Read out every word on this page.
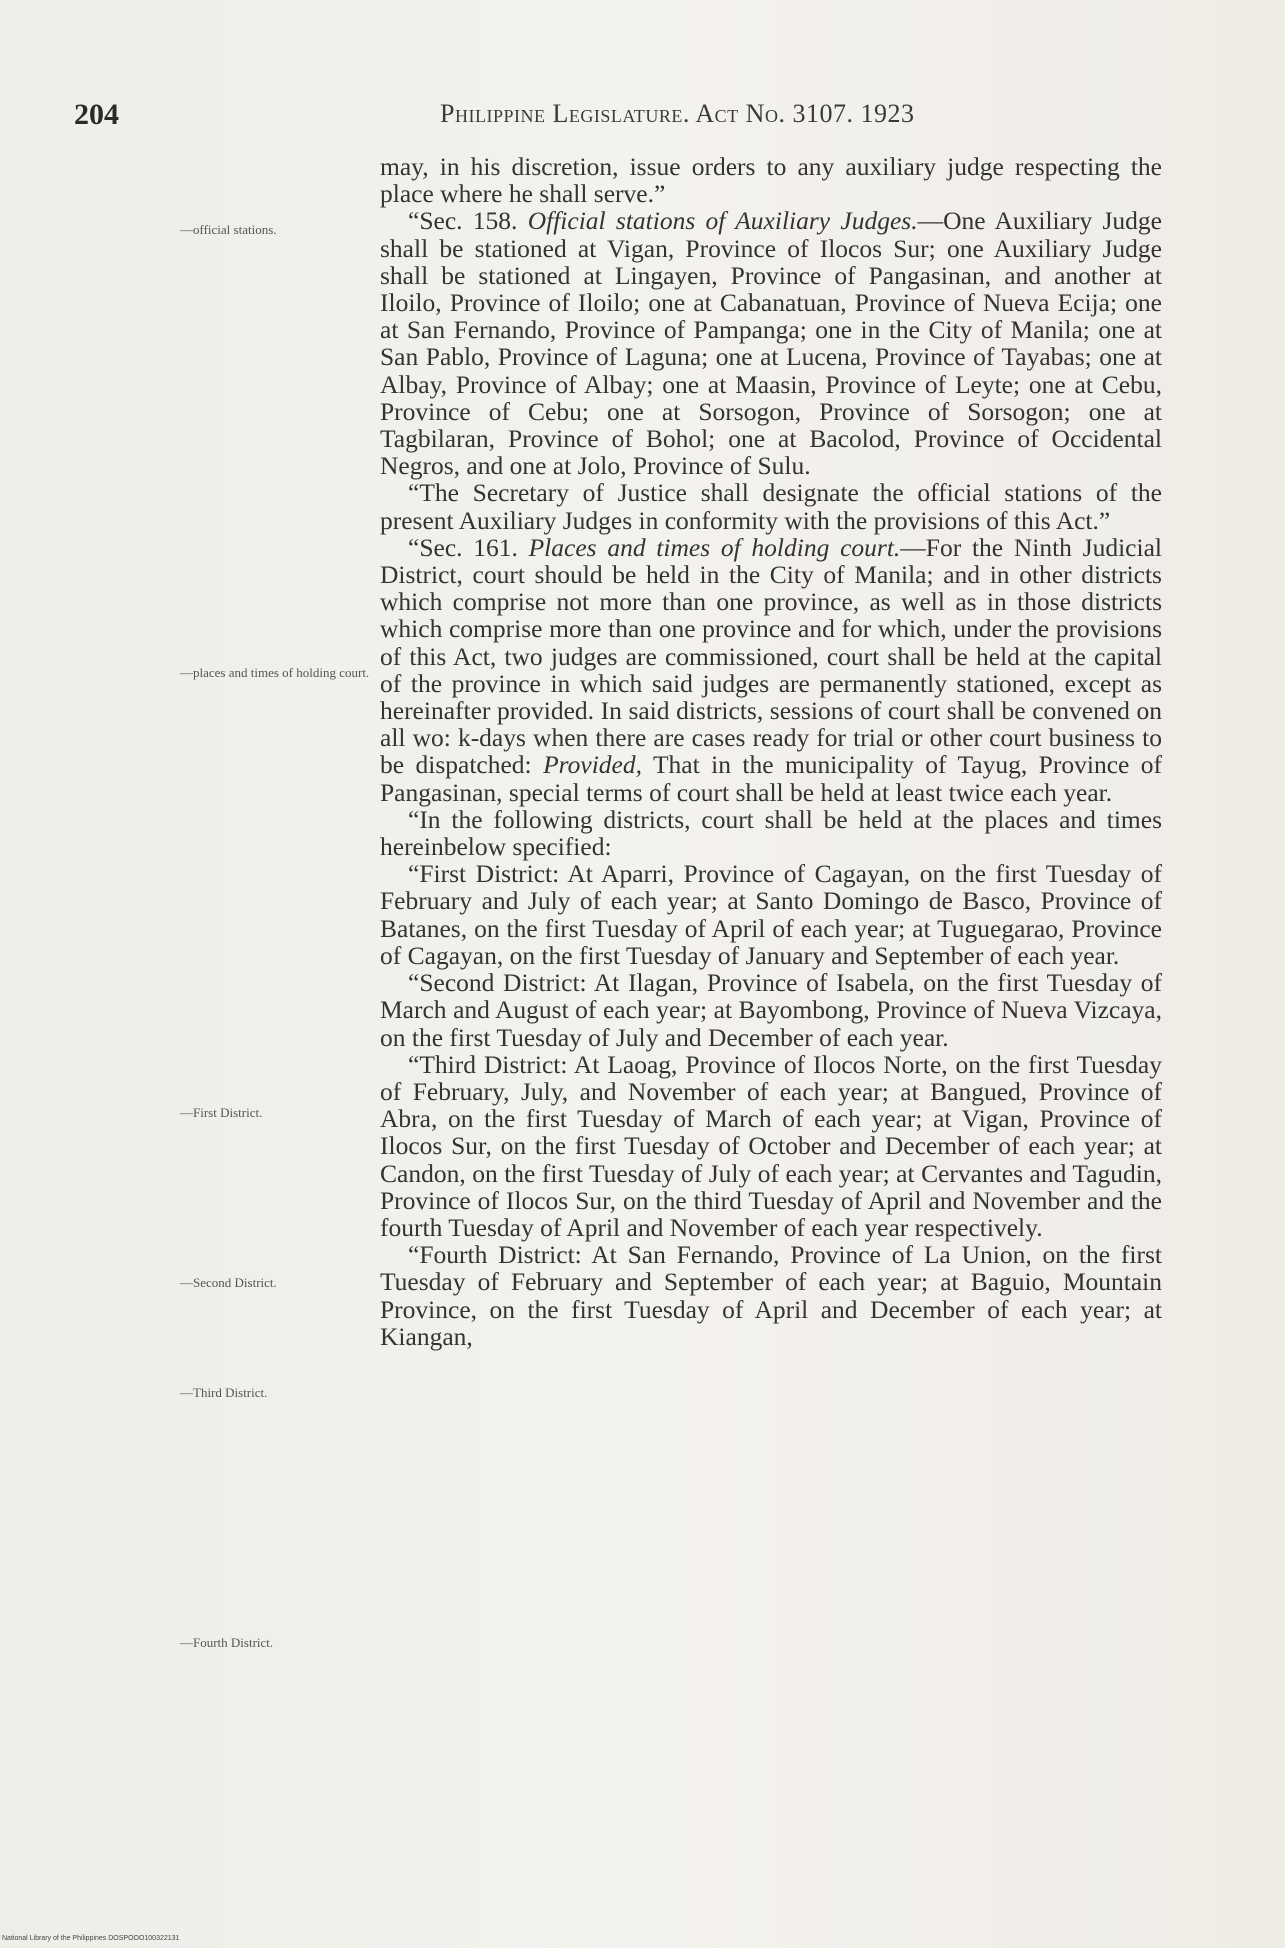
204	Philippine Legislature. Act No. 3107. 1923
—official stations.
—places and times of holding court.
—First District.
—Second District.
—Third District.
—Fourth District.

may, in his discretion, issue orders to any auxiliary judge respecting the place where he shall serve.”

“Sec. 158. Official stations of Auxiliary Judges.—One Auxiliary Judge shall be stationed at Vigan, Province of Ilocos Sur; one Auxiliary Judge shall be stationed at Lingayen, Province of Pangasinan, and another at Iloilo, Province of Iloilo; one at Cabanatuan, Province of Nueva Ecija; one at San Fernando, Province of Pampanga; one in the City of Manila; one at San Pablo, Province of Laguna; one at Lucena, Province of Tayabas; one at Albay, Province of Albay; one at Maasin, Province of Leyte; one at Cebu, Province of Cebu; one at Sorsogon, Province of Sorsogon; one at Tagbilaran, Province of Bohol; one at Bacolod, Province of Occidental Negros, and one at Jolo, Province of Sulu.

“The Secretary of Justice shall designate the official stations of the present Auxiliary Judges in conformity with the provisions of this Act.”

“Sec. 161. Places and times of holding court.—For the Ninth Judicial District, court should be held in the City of Manila; and in other districts which comprise not more than one province, as well as in those districts which comprise more than one province and for which, under the provisions of this Act, two judges are commissioned, court shall be held at the capital of the province in which said judges are permanently stationed, except as hereinafter provided. In said districts, sessions of court shall be convened on all wo: k-days when there are cases ready for trial or other court business to be dispatched: Provided, That in the municipality of Tayug, Province of Pangasinan, special terms of court shall be held at least twice each year.

“In the following districts, court shall be held at the places and times hereinbelow specified:

“First District: At Aparri, Province of Cagayan, on the first Tuesday of February and July of each year; at Santo Domingo de Basco, Province of Batanes, on the first Tuesday of April of each year; at Tuguegarao, Province of Cagayan, on the first Tuesday of January and September of each year.

“Second District: At Ilagan, Province of Isabela, on the first Tuesday of March and August of each year; at Bayombong, Province of Nueva Vizcaya, on the first Tuesday of July and December of each year.

“Third District: At Laoag, Province of Ilocos Norte, on the first Tuesday of February, July, and November of each year; at Bangued, Province of Abra, on the first Tuesday of March of each year; at Vigan, Province of Ilocos Sur, on the first Tuesday of October and December of each year; at Candon, on the first Tuesday of July of each year; at Cervantes and Tagudin, Province of Ilocos Sur, on the third Tuesday of April and November and the fourth Tuesday of April and November of each year respectively.

“Fourth District: At San Fernando, Province of La Union, on the first Tuesday of February and September of each year; at Baguio, Mountain Province, on the first Tuesday of April and December of each year; at Kiangan,

National Library of the Philippines DOSPOOO100322131
